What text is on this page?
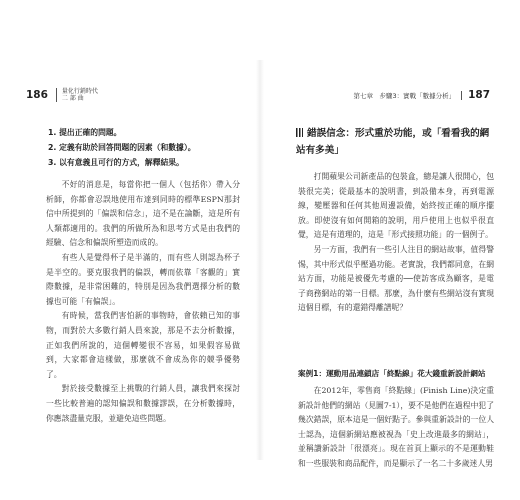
186 量化行銷時代
二 部 曲	第七章　步驟3：實戰「數據分析」	187
1. 提出正確的問題。
2. 定義有助於回答問題的因素（和數據）。
3. 以有意義且可行的方式，解釋結果。

不好的消息是，每當你把一個人（包括你）帶入分析師，你都會忍誤地使用布達到同時的標準ESPN那封信中所提到的「偏誤和信念」，這不是在論斷，這是所有人類都適用的。我們的所做所為和思考方式是由我們的經驗、信念和偏誤所塑造而成的。

有些人是覺得杯子是半滿的，而有些人則認為杯子是半空的。要克服我們的偏誤，轉而依靠「客觀的」實際數據，是非常困難的，特別是因為我們選擇分析的數據也可能「有偏誤」。

有時候，當我們害怕新的事物時，會依賴已知的事物，而對於大多數行銷人員來說，那是不去分析數據，正如我們所說的，這個轉變很不容易，如果假容易做到，大家都會這樣做，那麼就不會成為你的競爭優勢了。

對於接受數據至上挑戰的行銷人員，讓我們來探討一些比較普遍的認知偏誤和數據謬誤，在分析數據時，你應該盡量克服，並避免這些問題。

錯誤信念：形式重於功能，或「看看我的網站有多美」

打開蘋果公司新產品的包裝盒，總是讓人很開心，包裝很完美；從最基本的說明書，到設備本身，再到電源線，變壓器和任何其他周邊設備，始終按正確的順序擺放。即使沒有如何開箱的說明，用戶使用上也似乎很直覺，這是有道理的，這是「形式接照功能」的一個例子。

另一方面，我們有一些引人注目的網站故事，值得警惕，其中形式似乎壓過功能。老實說，我們都同意，在網站方面，功能是被優先考慮的──使訪客成為顧客，是電子商務網站的第一目標。那麼，為什麼有些網站沒有實現這個目標，有的還錯得離譜呢？

案例1：運動用品連鎖店「終點線」花大錢重新設計網站

在2012年，零售商「終點線」(Finish Line)決定重新設計他們的網站（見圖7-1），要不是他們在過程中犯了幾次錯誤，原本這是一個好點子。參與重新設計的一位人士認為，這個新網站應被視為「史上改進最多的網站」，並稱讚新設計「很漂亮」。現在首頁上顯示的不是運動鞋和一些服裝和商品配件，而是顯示了一名二十多歲迷人男
